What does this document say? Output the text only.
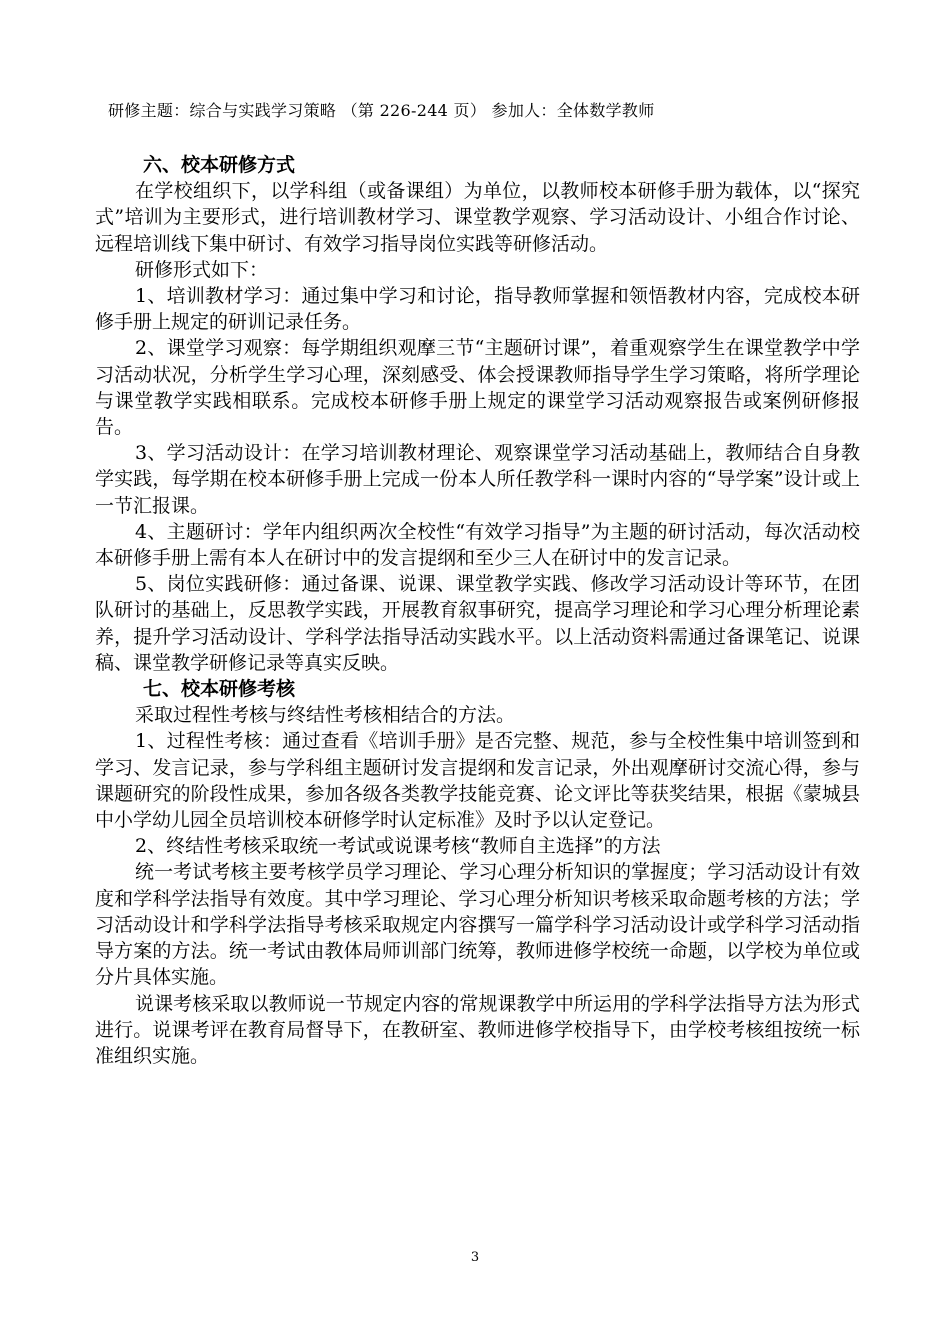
研修主题：综合与实践学习策略 （第 226-244 页） 参加人：全体数学教师
六、校本研修方式

在学校组织下，以学科组（或备课组）为单位，以教师校本研修手册为载体，以“探究式”培训为主要形式，进行培训教材学习、课堂教学观察、学习活动设计、小组合作讨论、远程培训线下集中研讨、有效学习指导岗位实践等研修活动。

研修形式如下：

1、培训教材学习：通过集中学习和讨论，指导教师掌握和领悟教材内容，完成校本研修手册上规定的研训记录任务。

2、课堂学习观察：每学期组织观摩三节“主题研讨课”，着重观察学生在课堂教学中学习活动状况，分析学生学习心理，深刻感受、体会授课教师指导学生学习策略，将所学理论与课堂教学实践相联系。完成校本研修手册上规定的课堂学习活动观察报告或案例研修报告。

3、学习活动设计：在学习培训教材理论、观察课堂学习活动基础上，教师结合自身教学实践，每学期在校本研修手册上完成一份本人所任教学科一课时内容的“导学案”设计或上一节汇报课。

4、主题研讨：学年内组织两次全校性“有效学习指导”为主题的研讨活动，每次活动校本研修手册上需有本人在研讨中的发言提纲和至少三人在研讨中的发言记录。

5、岗位实践研修：通过备课、说课、课堂教学实践、修改学习活动设计等环节，在团队研讨的基础上，反思教学实践，开展教育叙事研究，提高学习理论和学习心理分析理论素养，提升学习活动设计、学科学法指导活动实践水平。以上活动资料需通过备课笔记、说课稿、课堂教学研修记录等真实反映。

七、校本研修考核

采取过程性考核与终结性考核相结合的方法。

1、过程性考核：通过查看《培训手册》是否完整、规范，参与全校性集中培训签到和学习、发言记录，参与学科组主题研讨发言提纲和发言记录，外出观摩研讨交流心得，参与课题研究的阶段性成果，参加各级各类教学技能竞赛、论文评比等获奖结果，根据《蒙城县中小学幼儿园全员培训校本研修学时认定标准》及时予以认定登记。

2、终结性考核采取统一考试或说课考核“教师自主选择”的方法

统一考试考核主要考核学员学习理论、学习心理分析知识的掌握度；学习活动设计有效度和学科学法指导有效度。其中学习理论、学习心理分析知识考核采取命题考核的方法；学习活动设计和学科学法指导考核采取规定内容撰写一篇学科学习活动设计或学科学习活动指导方案的方法。统一考试由教体局师训部门统筹，教师进修学校统一命题，以学校为单位或分片具体实施。

说课考核采取以教师说一节规定内容的常规课教学中所运用的学科学法指导方法为形式进行。说课考评在教育局督导下，在教研室、教师进修学校指导下，由学校考核组按统一标准组织实施。

3
